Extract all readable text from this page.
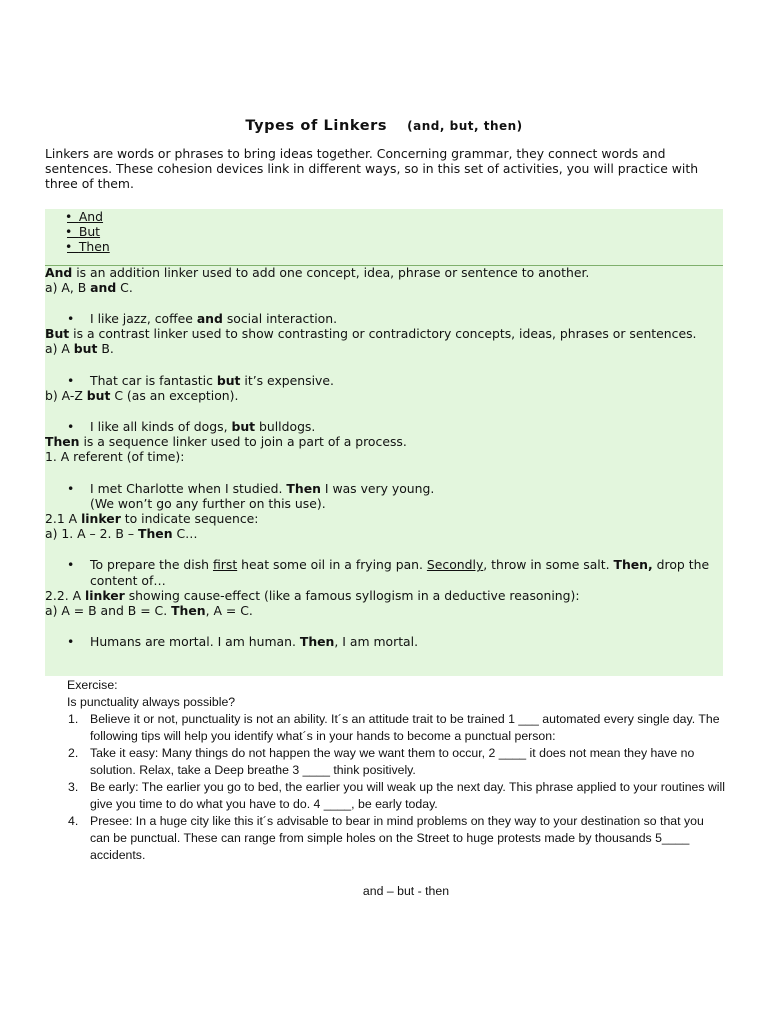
Types of Linkers (and, but, then)

Linkers are words or phrases to bring ideas together. Concerning grammar, they connect words and sentences. These cohesion devices link in different ways, so in this set of activities, you will practice with three of them.

• And
• But
• Then

And is an addition linker used to add one concept, idea, phrase or sentence to another.

a) A, B and C.

• I like jazz, coffee and social interaction.

But is a contrast linker used to show contrasting or contradictory concepts, ideas, phrases or sentences.

a) A but B.

• That car is fantastic but it’s expensive.

b) A-Z but C (as an exception).

• I like all kinds of dogs, but bulldogs.

Then is a sequence linker used to join a part of a process.

1. A referent (of time):

• I met Charlotte when I studied. Then I was very young.
(We won’t go any further on this use).

2.1 A linker to indicate sequence:

a) 1. A – 2. B – Then C…

• To prepare the dish first heat some oil in a frying pan. Secondly, throw in some salt. Then, drop the content of…

2.2. A linker showing cause-effect (like a famous syllogism in a deductive reasoning):

a) A = B and B = C. Then, A = C.

• Humans are mortal. I am human. Then, I am mortal.

Exercise:

Is punctuality always possible?

1. Believe it or not, punctuality is not an ability. It´s an attitude trait to be trained 1 ___ automated every single day. The following tips will help you identify what´s in your hands to become a punctual person:
2. Take it easy: Many things do not happen the way we want them to occur, 2 ____ it does not mean they have no solution. Relax, take a Deep breathe 3 ____ think positively.
3. Be early: The earlier you go to bed, the earlier you will weak up the next day. This phrase applied to your routines will give you time to do what you have to do. 4 ____, be early today.
4. Presee: In a huge city like this it´s advisable to bear in mind problems on they way to your destination so that you can be punctual. These can range from simple holes on the Street to huge protests made by thousands 5____ accidents.
and – but - then
